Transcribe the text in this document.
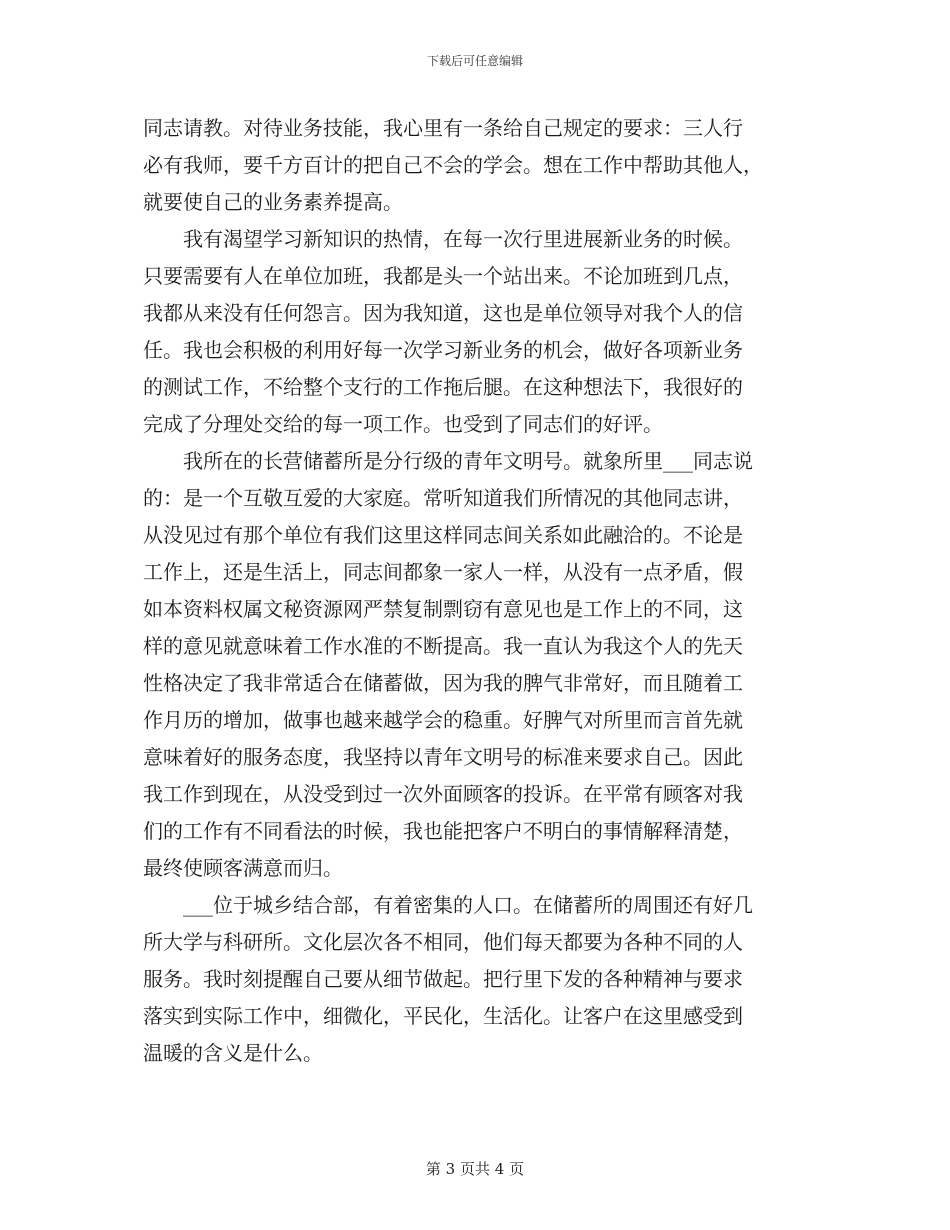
下载后可任意编辑
同志请教。对待业务技能，我心里有一条给自己规定的要求：三人行
必有我师，要千方百计的把自己不会的学会。想在工作中帮助其他人，
就要使自己的业务素养提高。
我有渴望学习新知识的热情，在每一次行里进展新业务的时候。
只要需要有人在单位加班，我都是头一个站出来。不论加班到几点，
我都从来没有任何怨言。因为我知道，这也是单位领导对我个人的信
任。我也会积极的利用好每一次学习新业务的机会，做好各项新业务
的测试工作，不给整个支行的工作拖后腿。在这种想法下，我很好的
完成了分理处交给的每一项工作。也受到了同志们的好评。
我所在的长营储蓄所是分行级的青年文明号。就象所里___同志说
的：是一个互敬互爱的大家庭。常听知道我们所情况的其他同志讲，
从没见过有那个单位有我们这里这样同志间关系如此融洽的。不论是
工作上，还是生活上，同志间都象一家人一样，从没有一点矛盾，假
如本资料权属文秘资源网严禁复制剽窃有意见也是工作上的不同，这
样的意见就意味着工作水准的不断提高。我一直认为我这个人的先天
性格决定了我非常适合在储蓄做，因为我的脾气非常好，而且随着工
作月历的增加，做事也越来越学会的稳重。好脾气对所里而言首先就
意味着好的服务态度，我坚持以青年文明号的标准来要求自己。因此
我工作到现在，从没受到过一次外面顾客的投诉。在平常有顾客对我
们的工作有不同看法的时候，我也能把客户不明白的事情解释清楚，
最终使顾客满意而归。
___位于城乡结合部，有着密集的人口。在储蓄所的周围还有好几
所大学与科研所。文化层次各不相同，他们每天都要为各种不同的人
服务。我时刻提醒自己要从细节做起。把行里下发的各种精神与要求
落实到实际工作中，细微化，平民化，生活化。让客户在这里感受到
温暖的含义是什么。
第 3 页共 4 页
